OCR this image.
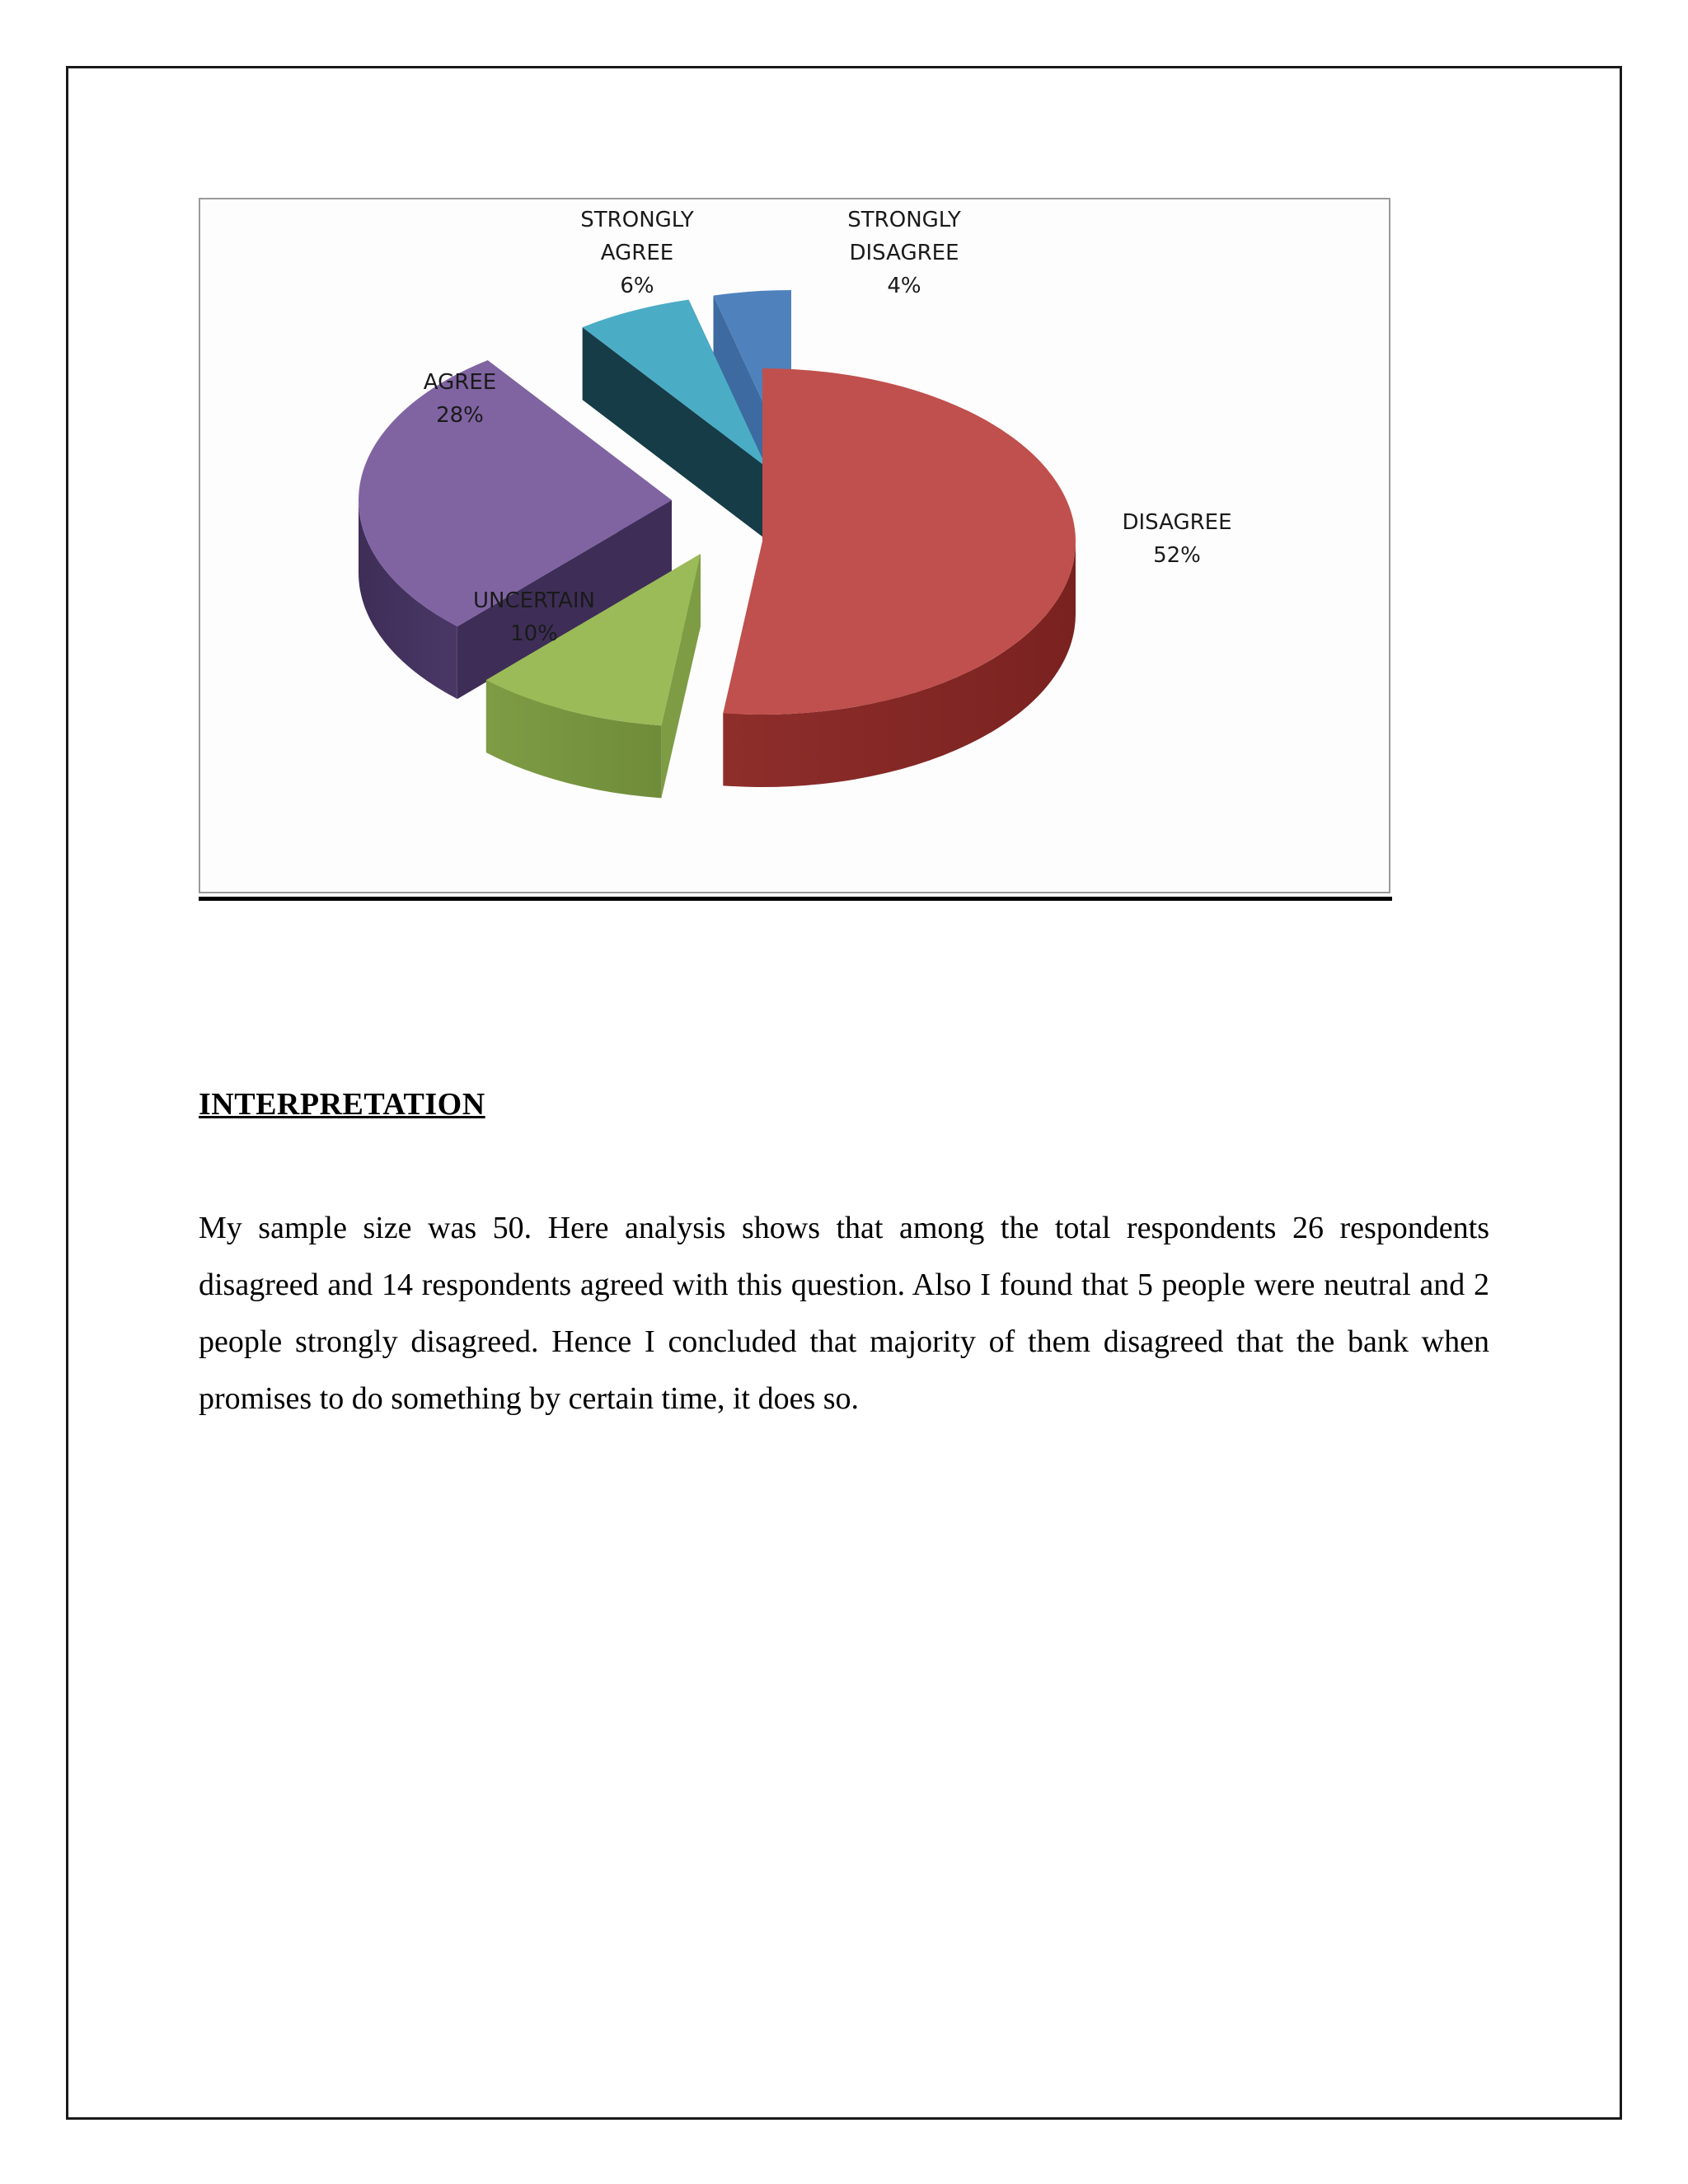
DISAGREE 52%
UNCERTAIN 10%
AGREE 28%
STRONGLY AGREE 6%
STRONGLY DISAGREE 4%
INTERPRETATION

My sample size was 50. Here analysis shows that among the total respondents 26 respondents disagreed and 14 respondents agreed with this question. Also I found that 5 people were neutral and 2 people strongly disagreed. Hence I concluded that majority of them disagreed that the bank when promises to do something by certain time, it does so.
